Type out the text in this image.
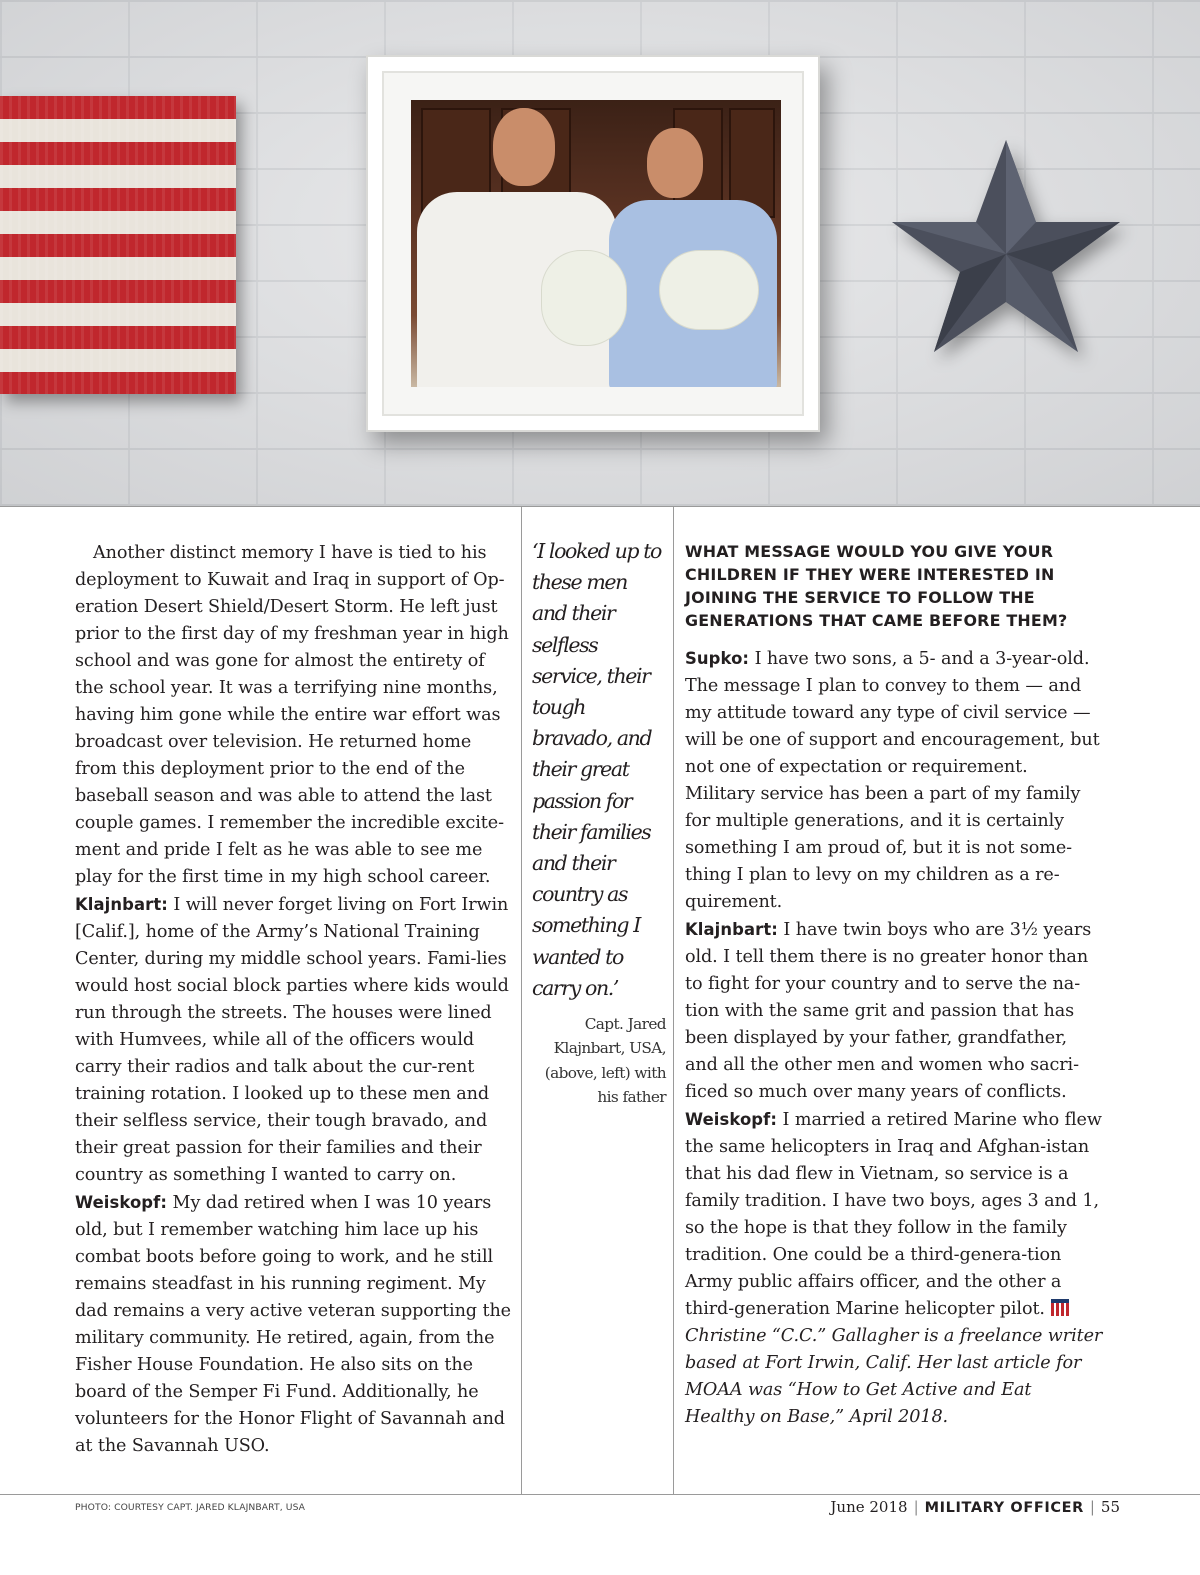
Another distinct memory I have is tied to his deployment to Kuwait and Iraq in support of Op-eration Desert Shield/Desert Storm. He left just prior to the first day of my freshman year in high school and was gone for almost the entirety of the school year. It was a terrifying nine months, having him gone while the entire war effort was broadcast over television. He returned home from this deployment prior to the end of the baseball season and was able to attend the last couple games. I remember the incredible excite-ment and pride I felt as he was able to see me play for the first time in my high school career.

Klajnbart: I will never forget living on Fort Irwin [Calif.], home of the Army’s National Training Center, during my middle school years. Fami-lies would host social block parties where kids would run through the streets. The houses were lined with Humvees, while all of the officers would carry their radios and talk about the cur-rent training rotation. I looked up to these men and their selfless service, their tough bravado, and their great passion for their families and their country as something I wanted to carry on.

Weiskopf: My dad retired when I was 10 years old, but I remember watching him lace up his combat boots before going to work, and he still remains steadfast in his running regiment. My dad remains a very active veteran supporting the military community. He retired, again, from the Fisher House Foundation. He also sits on the board of the Semper Fi Fund. Additionally, he volunteers for the Honor Flight of Savannah and at the Savannah USO.

‘I looked up to these men and their selfless service, their tough bravado, and their great passion for their families and their country as something I wanted to carry on.’
Capt. Jared Klajnbart, USA, (above, left) with his father
WHAT MESSAGE WOULD YOU GIVE YOUR CHILDREN IF THEY WERE INTERESTED IN JOINING THE SERVICE TO FOLLOW THE GENERATIONS THAT CAME BEFORE THEM?

Supko: I have two sons, a 5- and a 3-year-old. The message I plan to convey to them — and my attitude toward any type of civil service — will be one of support and encouragement, but not one of expectation or requirement. Military service has been a part of my family for multiple generations, and it is certainly something I am proud of, but it is not some-thing I plan to levy on my children as a re-quirement.

Klajnbart: I have twin boys who are 3½ years old. I tell them there is no greater honor than to fight for your country and to serve the na-tion with the same grit and passion that has been displayed by your father, grandfather, and all the other men and women who sacri-ficed so much over many years of conflicts.

Weiskopf: I married a retired Marine who flew the same helicopters in Iraq and Afghan-istan that his dad flew in Vietnam, so service is a family tradition. I have two boys, ages 3 and 1, so the hope is that they follow in the family tradition. One could be a third-genera-tion Army public affairs officer, and the other a third-generation Marine helicopter pilot.

Christine “C.C.” Gallagher is a freelance writer based at Fort Irwin, Calif. Her last article for MOAA was “How to Get Active and Eat Healthy on Base,” April 2018.

PHOTO: COURTESY CAPT. JARED KLAJNBART, USA	June 2018 | MILITARY OFFICER | 55
